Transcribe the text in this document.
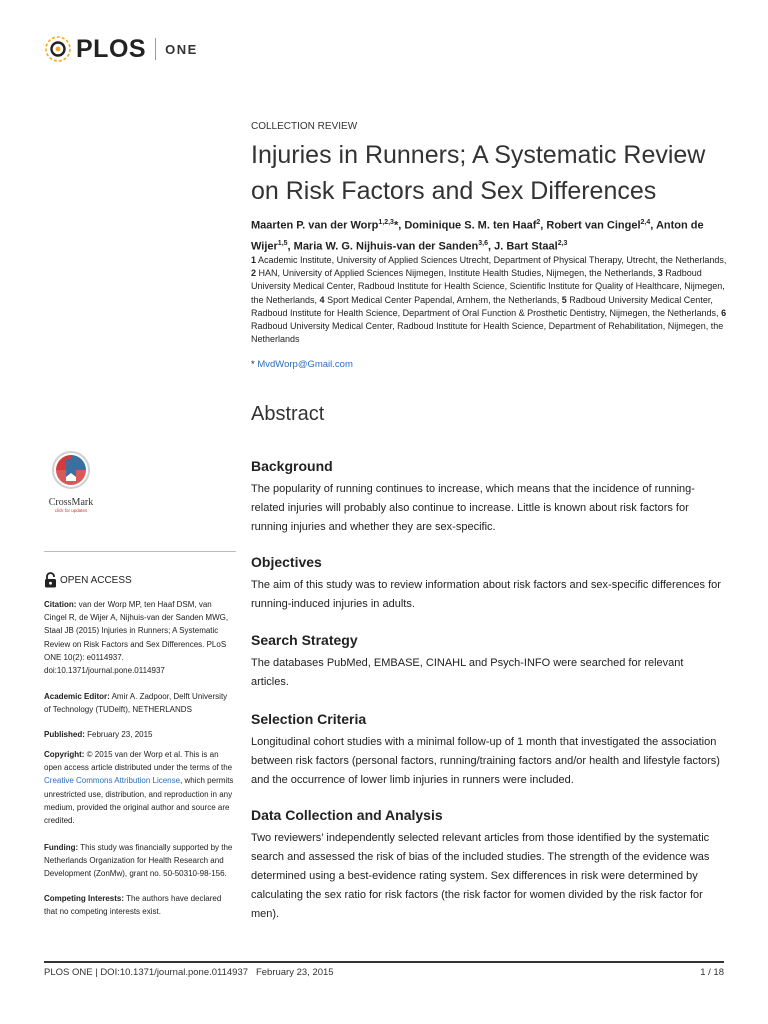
PLOS ONE
COLLECTION REVIEW
Injuries in Runners; A Systematic Review on Risk Factors and Sex Differences

Maarten P. van der Worp$^{1,2,3}$*, Dominique S. M. ten Haaf$^2$, Robert van Cingel$^{2,4}$, Anton de Wijer$^{1,5}$, Maria W. G. Nijhuis-van der Sanden$^{3,6}$, J. Bart Staal$^{2,3}$

1 Academic Institute, University of Applied Sciences Utrecht, Department of Physical Therapy, Utrecht, the Netherlands, 2 HAN, University of Applied Sciences Nijmegen, Institute Health Studies, Nijmegen, the Netherlands, 3 Radboud University Medical Center, Radboud Institute for Health Science, Scientific Institute for Quality of Healthcare, Nijmegen, the Netherlands, 4 Sport Medical Center Papendal, Arnhem, the Netherlands, 5 Radboud University Medical Center, Radboud Institute for Health Science, Department of Oral Function & Prosthetic Dentistry, Nijmegen, the Netherlands, 6 Radboud University Medical Center, Radboud Institute for Health Science, Department of Rehabilitation, Nijmegen, the Netherlands

* MvdWorp@Gmail.com
Abstract
Background

The popularity of running continues to increase, which means that the incidence of running-related injuries will probably also continue to increase. Little is known about risk factors for running injuries and whether they are sex-specific.

Objectives

The aim of this study was to review information about risk factors and sex-specific differences for running-induced injuries in adults.

Search Strategy

The databases PubMed, EMBASE, CINAHL and Psych-INFO were searched for relevant articles.

Selection Criteria

Longitudinal cohort studies with a minimal follow-up of 1 month that investigated the association between risk factors (personal factors, running/training factors and/or health and lifestyle factors) and the occurrence of lower limb injuries in runners were included.

Data Collection and Analysis

Two reviewers’ independently selected relevant articles from those identified by the systematic search and assessed the risk of bias of the included studies. The strength of the evidence was determined using a best-evidence rating system. Sex differences in risk were determined by calculating the sex ratio for risk factors (the risk factor for women divided by the risk factor for men).

CrossMark
click for updates
OPEN ACCESS

Citation: van der Worp MP, ten Haaf DSM, van Cingel R, de Wijer A, Nijhuis-van der Sanden MWG, Staal JB (2015) Injuries in Runners; A Systematic Review on Risk Factors and Sex Differences. PLoS ONE 10(2): e0114937. doi:10.1371/journal.pone.0114937

Academic Editor: Amir A. Zadpoor, Delft University of Technology (TUDelft), NETHERLANDS

Published: February 23, 2015

Copyright: © 2015 van der Worp et al. This is an open access article distributed under the terms of the Creative Commons Attribution License, which permits unrestricted use, distribution, and reproduction in any medium, provided the original author and source are credited.

Funding: This study was financially supported by the Netherlands Organization for Health Research and Development (ZonMw), grant no. 50-50310-98-156.

Competing Interests: The authors have declared that no competing interests exist.

PLOS ONE | DOI:10.1371/journal.pone.0114937   February 23, 2015	1 / 18
